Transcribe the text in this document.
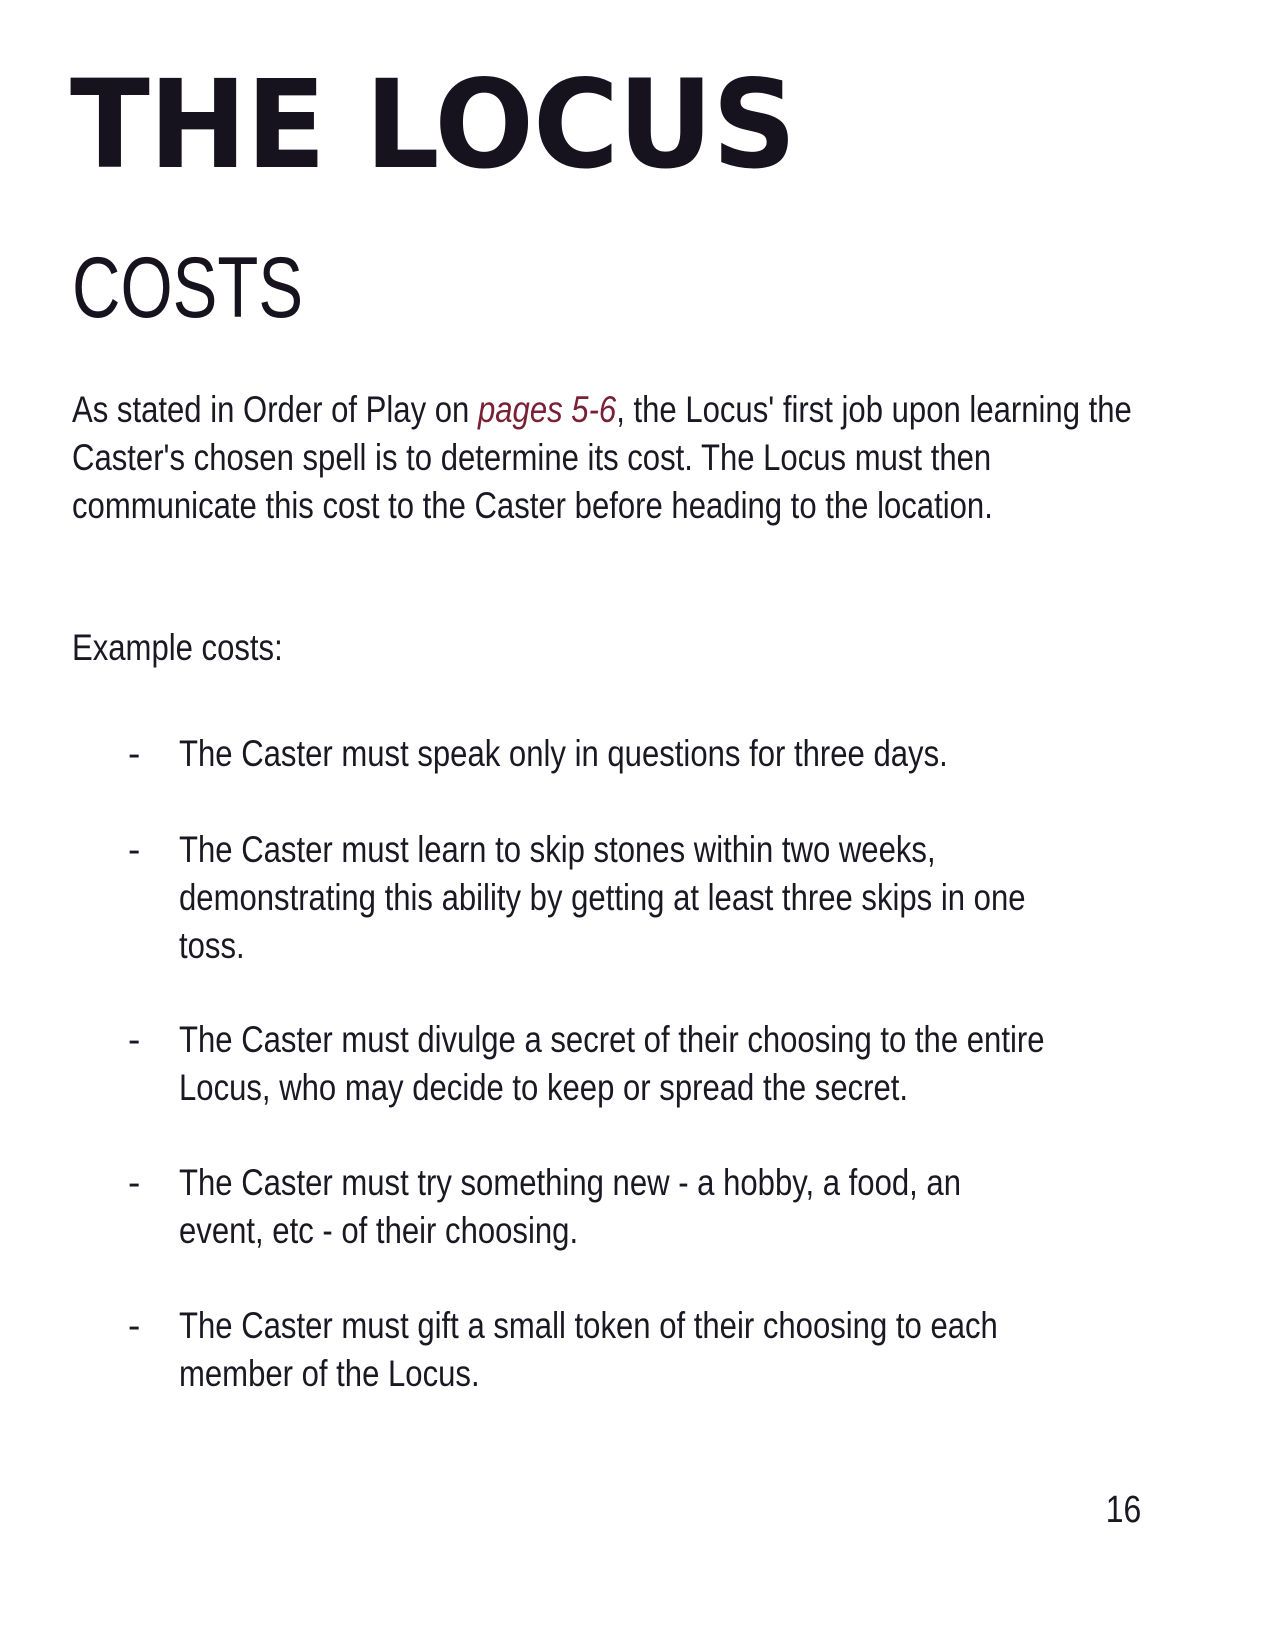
THE LOCUS
COSTS

As stated in Order of Play on pages 5-6, the Locus' first job upon learning the Caster's chosen spell is to determine its cost. The Locus must then communicate this cost to the Caster before heading to the location.

Example costs:

- The Caster must speak only in questions for three days.
- The Caster must learn to skip stones within two weeks, demonstrating this ability by getting at least three skips in one toss.
- The Caster must divulge a secret of their choosing to the entire Locus, who may decide to keep or spread the secret.
- The Caster must try something new - a hobby, a food, an event, etc - of their choosing.
- The Caster must gift a small token of their choosing to each member of the Locus.
16
